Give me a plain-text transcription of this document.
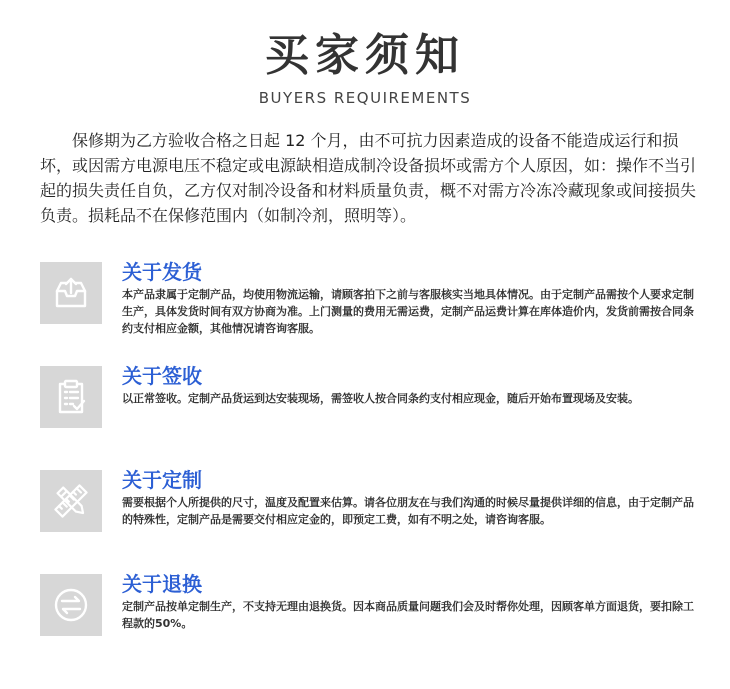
买家须知
BUYERS REQUIREMENTS
保修期为乙方验收合格之日起 12 个月，由不可抗力因素造成的设备不能造成运行和损坏，或因需方电源电压不稳定或电源缺相造成制冷设备损坏或需方个人原因，如：操作不当引起的损失责任自负，乙方仅对制冷设备和材料质量负责，概不对需方冷冻冷藏现象或间接损失负责。损耗品不在保修范围内（如制冷剂，照明等）。
关于发货
本产品隶属于定制产品，均使用物流运输，请顾客拍下之前与客服核实当地具体情况。由于定制产品需按个人要求定制生产，具体发货时间有双方协商为准。上门测量的费用无需运费，定制产品运费计算在库体造价内，发货前需按合同条约支付相应金额，其他情况请咨询客服。
关于签收
以正常签收。定制产品货运到达安装现场，需签收人按合同条约支付相应现金，随后开始布置现场及安装。
关于定制
需要根据个人所提供的尺寸，温度及配置来估算。请各位朋友在与我们沟通的时候尽量提供详细的信息，由于定制产品的特殊性，定制产品是需要交付相应定金的，即预定工费，如有不明之处，请咨询客服。
关于退换
定制产品按单定制生产，不支持无理由退换货。因本商品质量问题我们会及时帮你处理，因顾客单方面退货，要扣除工程款的50%。
